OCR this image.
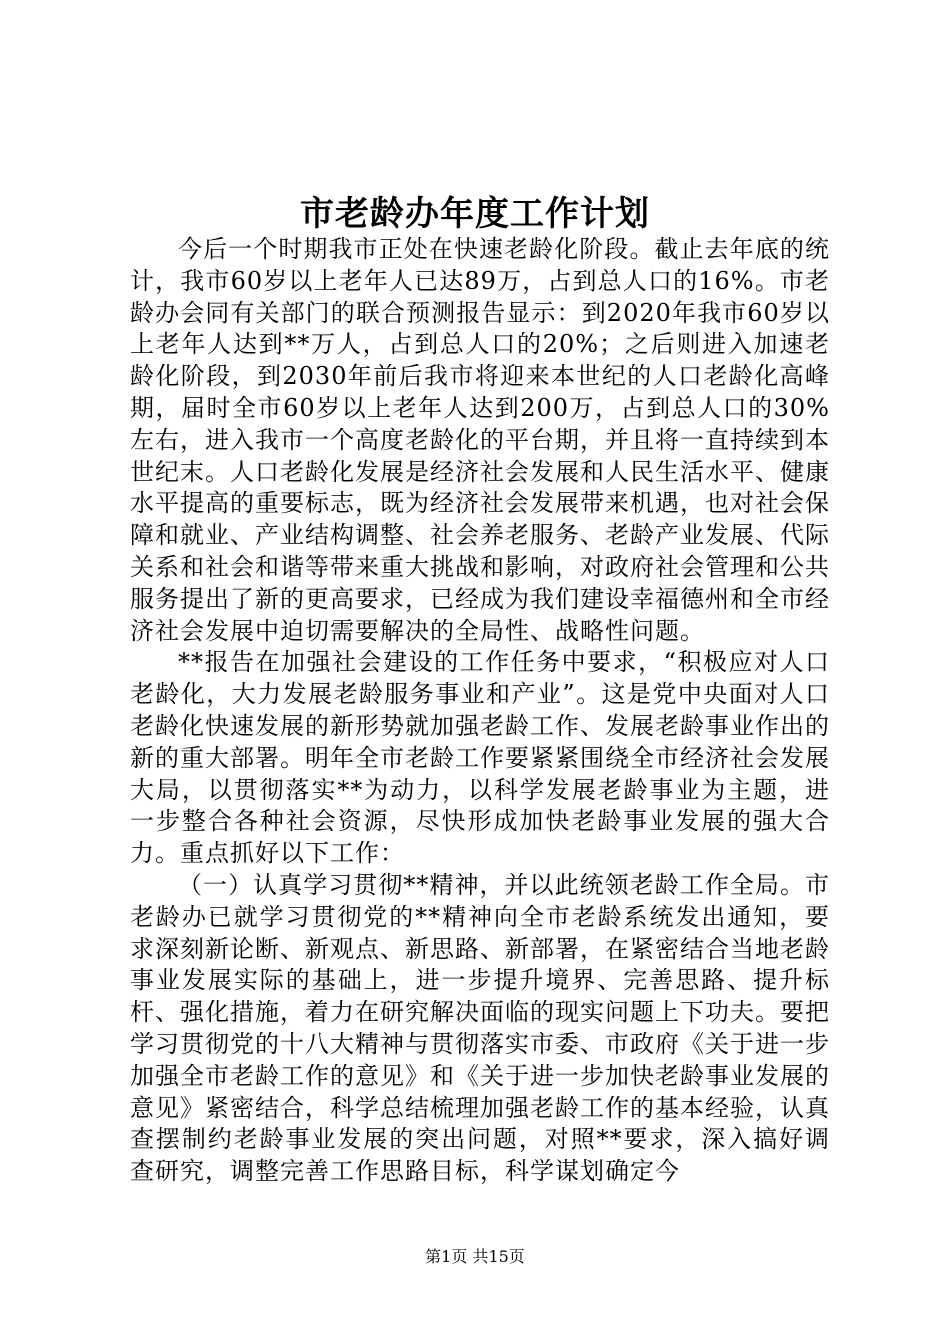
市老龄办年度工作计划

今后一个时期我市正处在快速老龄化阶段。截止去年底的统计，我市60岁以上老年人已达89万，占到总人口的16%。市老龄办会同有关部门的联合预测报告显示：到2020年我市60岁以上老年人达到**万人，占到总人口的20%；之后则进入加速老龄化阶段，到2030年前后我市将迎来本世纪的人口老龄化高峰期，届时全市60岁以上老年人达到200万，占到总人口的30%左右，进入我市一个高度老龄化的平台期，并且将一直持续到本世纪末。人口老龄化发展是经济社会发展和人民生活水平、健康水平提高的重要标志，既为经济社会发展带来机遇，也对社会保障和就业、产业结构调整、社会养老服务、老龄产业发展、代际关系和社会和谐等带来重大挑战和影响，对政府社会管理和公共服务提出了新的更高要求，已经成为我们建设幸福德州和全市经济社会发展中迫切需要解决的全局性、战略性问题。

**报告在加强社会建设的工作任务中要求，“积极应对人口老龄化，大力发展老龄服务事业和产业”。这是党中央面对人口老龄化快速发展的新形势就加强老龄工作、发展老龄事业作出的新的重大部署。明年全市老龄工作要紧紧围绕全市经济社会发展大局，以贯彻落实**为动力，以科学发展老龄事业为主题，进一步整合各种社会资源，尽快形成加快老龄事业发展的强大合力。重点抓好以下工作：

（一）认真学习贯彻**精神，并以此统领老龄工作全局。市老龄办已就学习贯彻党的**精神向全市老龄系统发出通知，要求深刻新论断、新观点、新思路、新部署，在紧密结合当地老龄事业发展实际的基础上，进一步提升境界、完善思路、提升标杆、强化措施，着力在研究解决面临的现实问题上下功夫。要把学习贯彻党的十八大精神与贯彻落实市委、市政府《关于进一步加强全市老龄工作的意见》和《关于进一步加快老龄事业发展的意见》紧密结合，科学总结梳理加强老龄工作的基本经验，认真查摆制约老龄事业发展的突出问题，对照**要求，深入搞好调查研究，调整完善工作思路目标，科学谋划确定今

第1页 共15页
